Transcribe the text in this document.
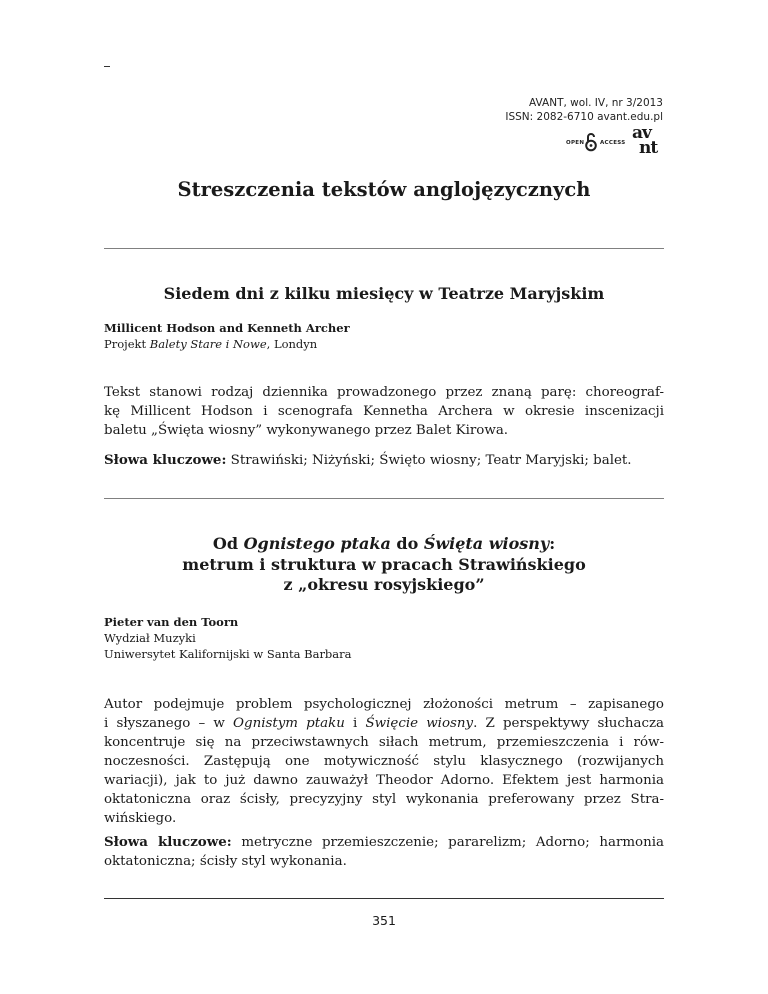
AVANT, wol. IV, nr 3/2013
ISSN: 2082-6710 avant.edu.pl
OPEN	ACCESS av
nt
Streszczenia tekstów anglojęzycznych
Siedem dni z kilku miesięcy w Teatrze Maryjskim
Millicent Hodson and Kenneth Archer
Projekt Balety Stare i Nowe, Londyn
Tekst stanowi rodzaj dziennika prowadzonego przez znaną parę: choreograf-
kę Millicent Hodson i scenografa Kennetha Archera w okresie inscenizacji
baletu „Święta wiosny” wykonywanego przez Balet Kirowa.
Słowa kluczowe: Strawiński; Niżyński; Święto wiosny; Teatr Maryjski; balet.
Od Ognistego ptaka do Święta wiosny:
metrum i struktura w pracach Strawińskiego
z „okresu rosyjskiego”
Pieter van den Toorn
Wydział Muzyki
Uniwersytet Kalifornijski w Santa Barbara
Autor podejmuje problem psychologicznej złożoności metrum – zapisanego
i słyszanego – w Ognistym ptaku i Święcie wiosny. Z perspektywy słuchacza
koncentruje się na przeciwstawnych siłach metrum, przemieszczenia i rów-
noczesności. Zastępują one motywiczność stylu klasycznego (rozwijanych
wariacji), jak to już dawno zauważył Theodor Adorno. Efektem jest harmonia
oktatoniczna oraz ścisły, precyzyjny styl wykonania preferowany przez Stra-
wińskiego.
Słowa kluczowe: metryczne przemieszczenie; pararelizm; Adorno; harmonia
oktatoniczna; ścisły styl wykonania.
351
